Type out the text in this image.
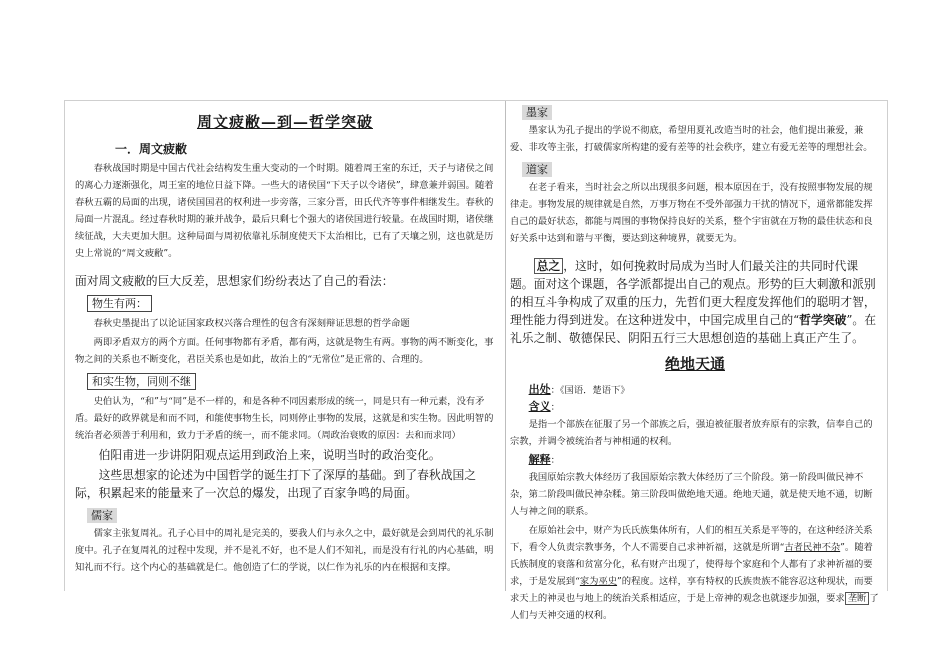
周文疲敝—到—哲学突破
一．周文疲敝

春秋战国时期是中国古代社会结构发生重大变动的一个时期。随着周王室的东迁，天子与诸侯之间的离心力逐渐强化，周王室的地位日益下降。一些大的诸侯国“下天子以令诸侯”，肆意兼并弱国。随着春秋五霸的局面的出现，诸侯国国君的权利进一步旁落，三家分晋，田氏代齐等事件相继发生。春秋的局面一片混乱。经过春秋时期的兼并战争，最后只剩七个强大的诸侯国进行较量。在战国时期，诸侯继续征战，大夫更加大胆。这种局面与周初依靠礼乐制度使天下太治相比，已有了天壤之别，这也就是历史上常说的“周文疲敝”。

面对周文疲敝的巨大反差，思想家们纷纷表达了自己的看法：

物生有两：

春秋史墨提出了以论证国家政权兴落合理性的包含有深刻辩证思想的哲学命题

两即矛盾双方的两个方面。任何事物都有矛盾，都有两，这就是物生有两。事物的两不断变化，事物之间的关系也不断变化，君臣关系也是如此，故治上的“无常位”是正常的、合理的。

和实生物，同则不继

史伯认为，“和”与“同”是不一样的，和是各种不同因素形成的统一，同是只有一种元素，没有矛盾。最好的政界就是和而不同，和能使事物生长，同则停止事物的发展，这就是和实生物。因此明智的统治者必须善于利用和，致力于矛盾的统一，而不能求同。（周政治衰败的原因：去和而求同）

伯阳甫进一步讲阴阳观点运用到政治上来，说明当时的政治变化。

这些思想家的论述为中国哲学的诞生打下了深厚的基础。到了春秋战国之际，积累起来的能量来了一次总的爆发，出现了百家争鸣的局面。

儒家

儒家主张复周礼。孔子心目中的周礼是完美的，要我人们与永久之中，最好就是会到周代的礼乐制度中。孔子在复周礼的过程中发现，并不是礼不好，也不是人们不知礼，而是没有行礼的内心基础，明知礼而不行。这个内心的基础就是仁。他创造了仁的学说，以仁作为礼乐的内在根据和支撑。

墨家

墨家认为孔子提出的学说不彻底，希望用夏礼改造当时的社会，他们提出兼爱，兼爱、非攻等主张，打破儒家所构建的爱有差等的社会秩序，建立有爱无差等的理想社会。

道家

在老子看来，当时社会之所以出现很多问题，根本原因在于，没有按照事物发展的规律走。事物发展的规律就是自然，万事万物在不受外部强力干扰的情况下，通常都能发挥自己的最好状态，都能与周围的事物保持良好的关系，整个宇宙就在万物的最佳状态和良好关系中达到和谐与平衡，要达到这种境界，就要无为。

总之 ，这时，如何挽救时局成为当时人们最关注的共同时代课题。面对这个课题，各学派都提出自己的观点。形势的巨大刺激和派别的相互斗争构成了双重的压力，先哲们更大程度发挥他们的聪明才智，理性能力得到迸发。在这种迸发中，中国完成里自己的“哲学突破”。在礼乐之制、敬德保民、阴阳五行三大思想创造的基础上真正产生了。

绝地天通

出处：《国语．楚语下》

含义：

是指一个部族在征服了另一个部族之后，强迫被征服者放弃原有的宗教，信奉自己的宗教，并调令被统治者与神相通的权利。

解释：

我国原始宗教大体经历了我国原始宗教大体经历了三个阶段。第一阶段叫做民神不杂，第二阶段叫做民神杂糅。第三阶段叫做绝地天通。绝地天通，就是使天地不通，切断人与神之间的联系。

在原始社会中，财产为氏氏族集体所有，人们的相互关系是平等的，在这种经济关系下，看令人负责宗教事务，个人不需要自己求神祈福，这就是所谓“古者民神不杂”。随着氏族制度的衰落和贫富分化，私有财产出现了，使得每个家庭和个人都有了求神祈福的要求，于是发展到“家为巫史”的程度。这样，享有特权的氏族贵族不能容忍这种现状，而要求天上的神灵也与地上的统治关系相适应，于是上帝神的观念也就逐步加强，要求 垄断 了人们与天神交通的权利。
